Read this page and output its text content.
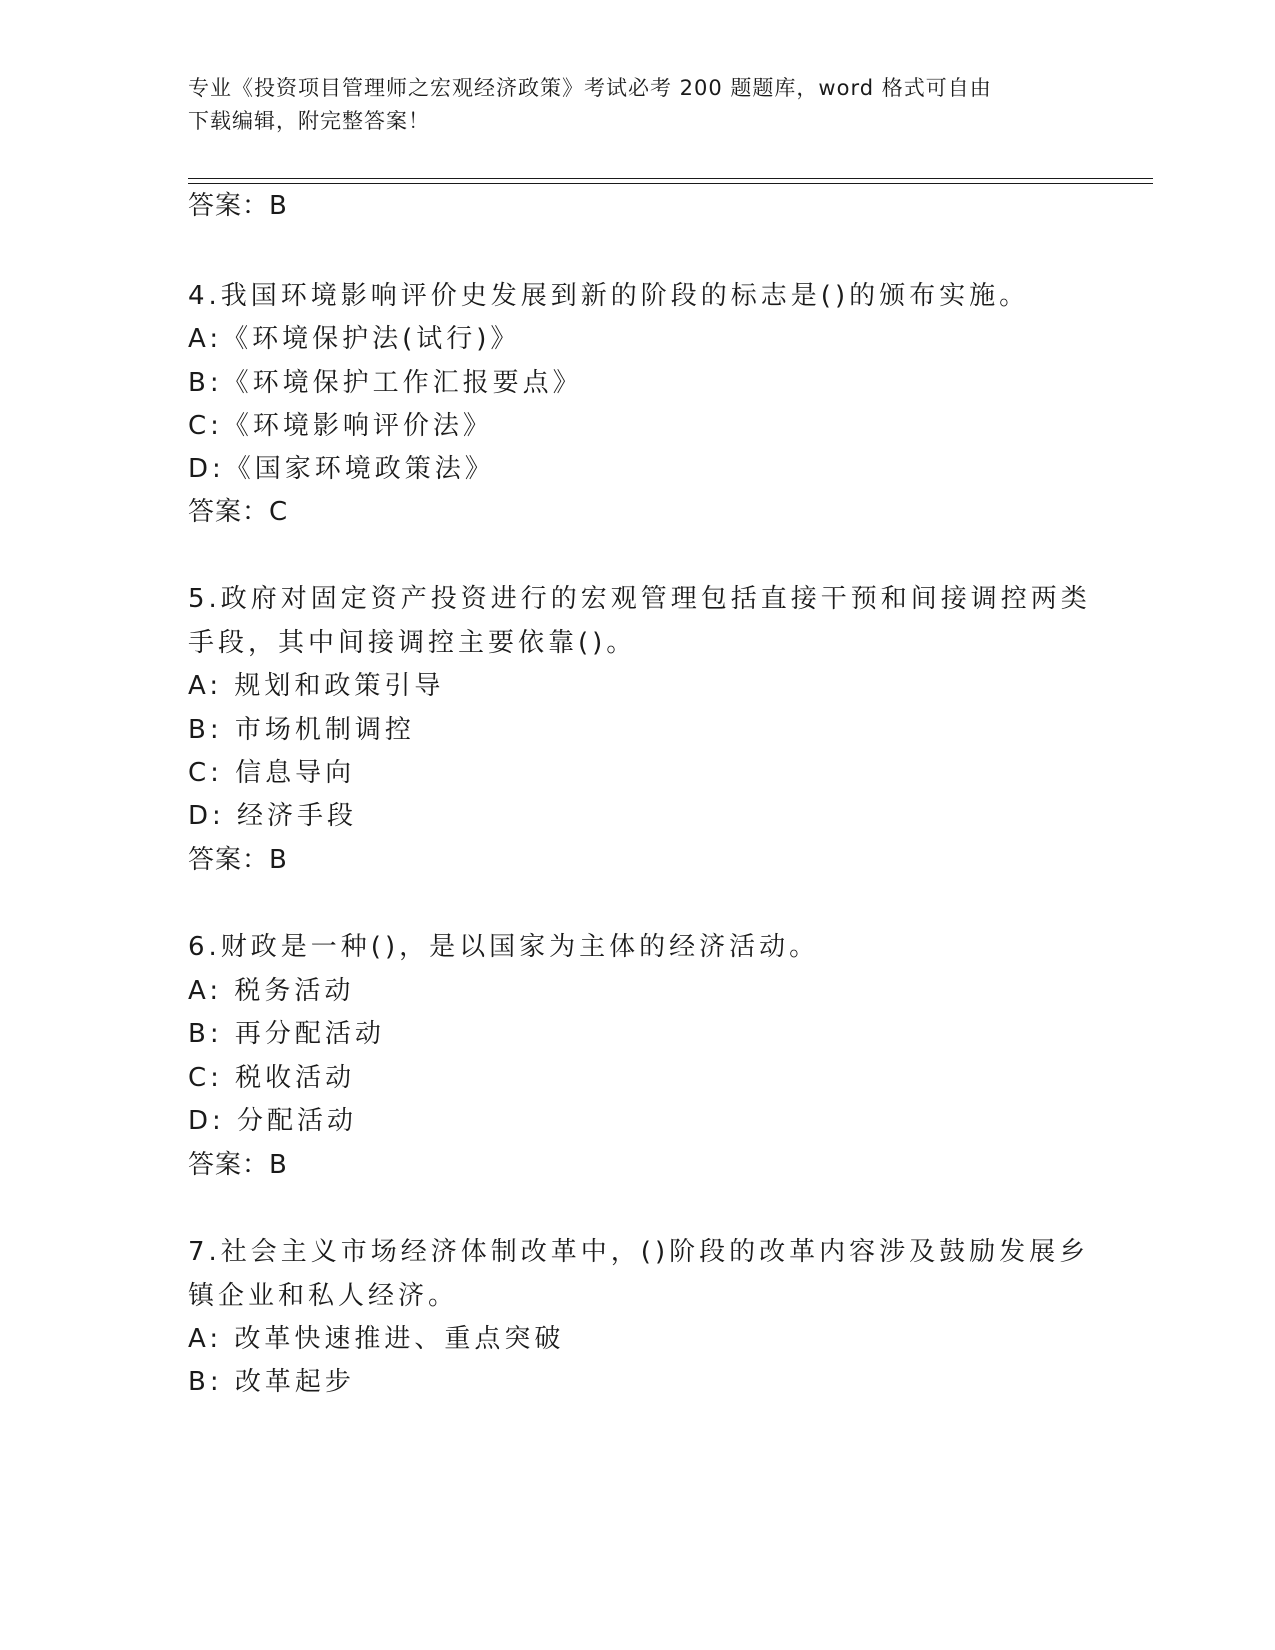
专业《投资项目管理师之宏观经济政策》考试必考 200 题题库，word 格式可自由
下载编辑，附完整答案！
答案：B
4.我国环境影响评价史发展到新的阶段的标志是()的颁布实施。
A:《环境保护法(试行)》
B:《环境保护工作汇报要点》
C:《环境影响评价法》
D:《国家环境政策法》
答案：C
5.政府对固定资产投资进行的宏观管理包括直接干预和间接调控两类
手段，其中间接调控主要依靠()。
A: 规划和政策引导
B: 市场机制调控
C: 信息导向
D: 经济手段
答案：B
6.财政是一种()，是以国家为主体的经济活动。
A: 税务活动
B: 再分配活动
C: 税收活动
D: 分配活动
答案：B
7.社会主义市场经济体制改革中，()阶段的改革内容涉及鼓励发展乡
镇企业和私人经济。
A: 改革快速推进、重点突破
B: 改革起步
